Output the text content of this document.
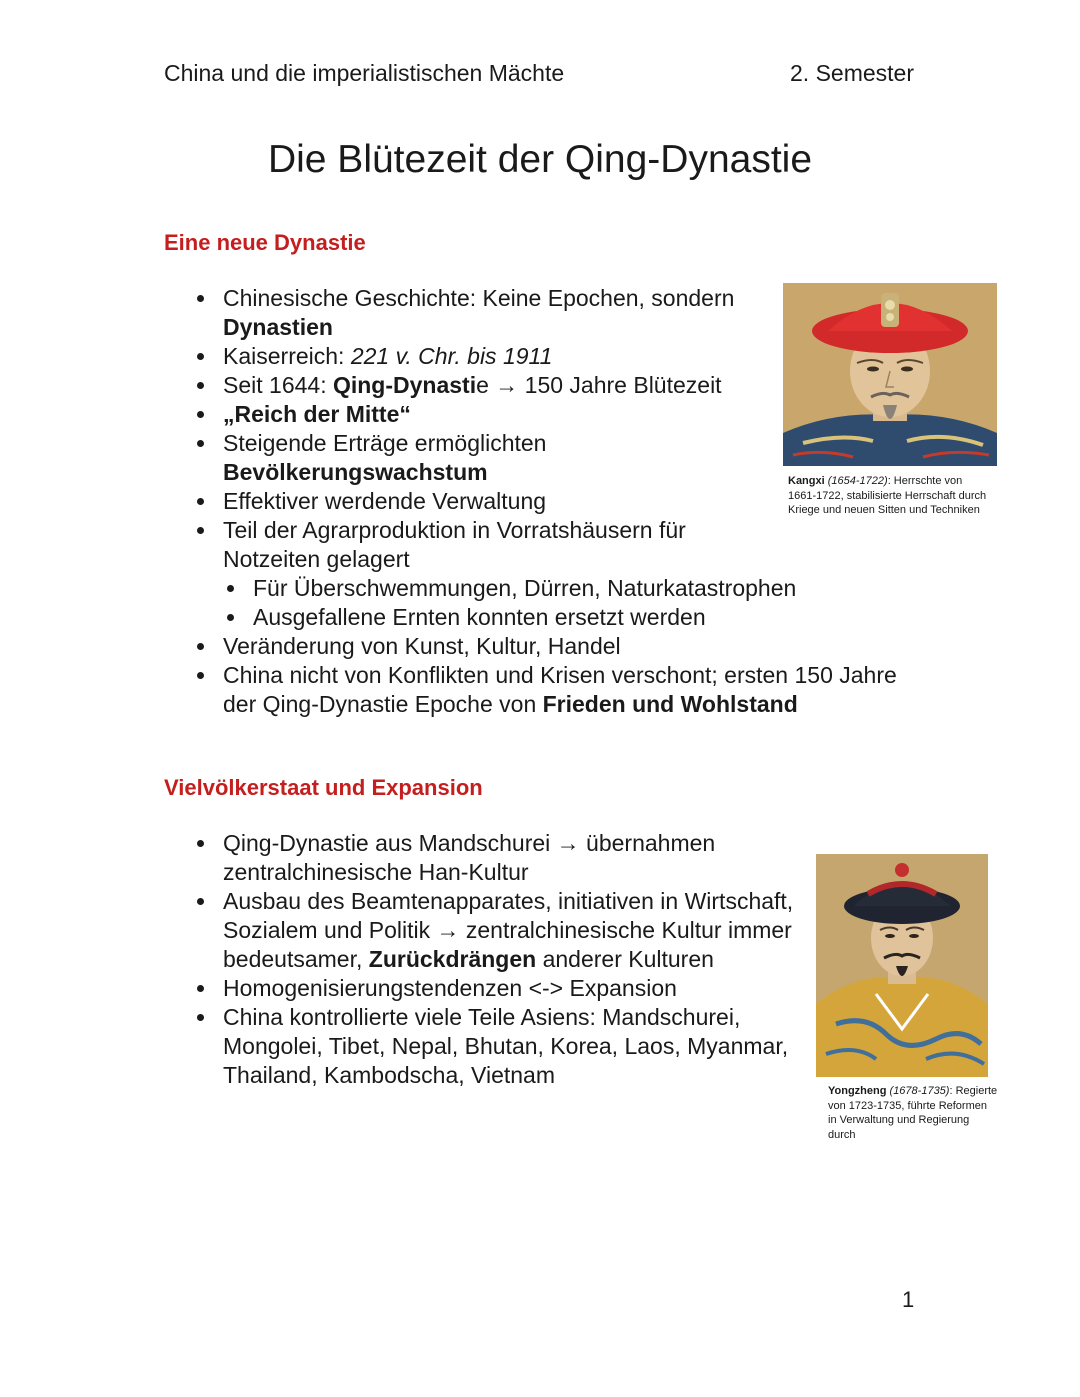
China und die imperialistischen Mächte	2. Semester
Die Blütezeit der Qing-Dynastie
Eine neue Dynastie
Chinesische Geschichte: Keine Epochen, sondern
Dynastien
Kaiserreich: 221 v. Chr. bis 1911
Seit 1644: Qing-Dynastie → 150 Jahre Blütezeit
„Reich der Mitte“
Steigende Erträge ermöglichten
Bevölkerungswachstum
Effektiver werdende Verwaltung
Teil der Agrarproduktion in Vorratshäusern für
Notzeiten gelagert
Für Überschwemmungen, Dürren, Naturkatastrophen
Ausgefallene Ernten konnten ersetzt werden
Veränderung von Kunst, Kultur, Handel
China nicht von Konflikten und Krisen verschont; ersten 150 Jahre
der Qing-Dynastie Epoche von Frieden und Wohlstand
Kangxi (1654-1722): Herrschte von 1661-1722, stabilisierte Herrschaft durch Kriege und neuen Sitten und Techniken
Vielvölkerstaat und Expansion
Qing-Dynastie aus Mandschurei → übernahmen
zentralchinesische Han-Kultur
Ausbau des Beamtenapparates, initiativen in Wirtschaft,
Sozialem und Politik → zentralchinesische Kultur immer
bedeutsamer, Zurückdrängen anderer Kulturen
Homogenisierungstendenzen <-> Expansion
China kontrollierte viele Teile Asiens: Mandschurei,
Mongolei, Tibet, Nepal, Bhutan, Korea, Laos, Myanmar,
Thailand, Kambodscha, Vietnam
Yongzheng (1678-1735): Regierte von 1723-1735, führte Reformen in Verwaltung und Regierung durch
1
